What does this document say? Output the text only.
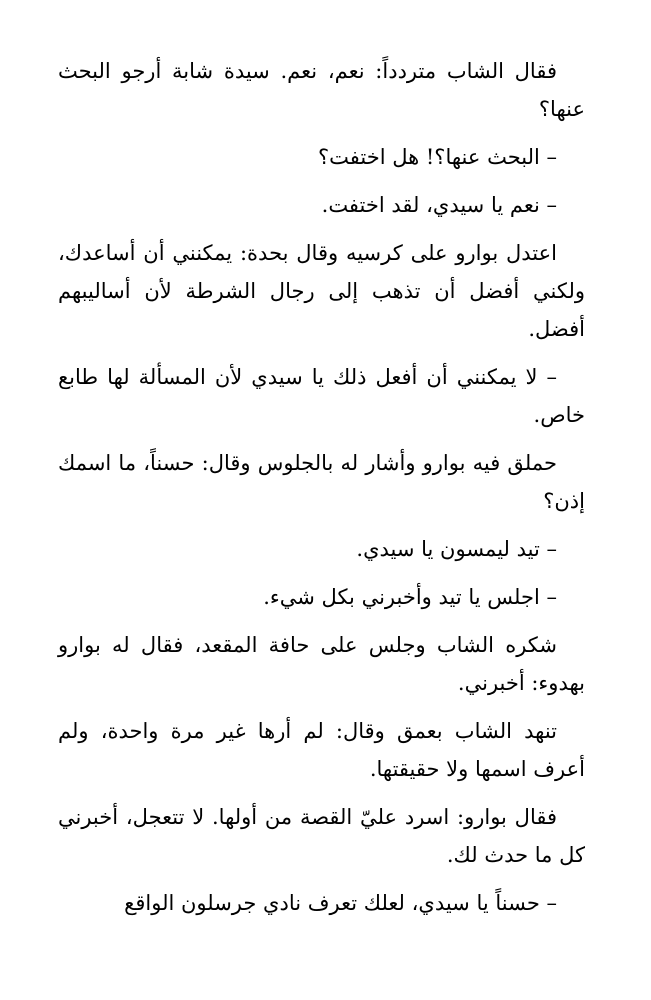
فقال الشاب متردداً: نعم، نعم. سيدة شابة أرجو البحث عنها؟

– البحث عنها؟! هل اختفت؟

– نعم يا سيدي، لقد اختفت.

اعتدل بوارو على كرسيه وقال بحدة: يمكنني أن أساعدك، ولكني أفضل أن تذهب إلى رجال الشرطة لأن أساليبهم أفضل.

– لا يمكنني أن أفعل ذلك يا سيدي لأن المسألة لها طابع خاص.

حملق فيه بوارو وأشار له بالجلوس وقال: حسناً، ما اسمك إذن؟

– تيد ليمسون يا سيدي.

– اجلس يا تيد وأخبرني بكل شيء.

شكره الشاب وجلس على حافة المقعد، فقال له بوارو بهدوء: أخبرني.

تنهد الشاب بعمق وقال: لم أرها غير مرة واحدة، ولم أعرف اسمها ولا حقيقتها.

فقال بوارو: اسرد عليّ القصة من أولها. لا تتعجل، أخبرني كل ما حدث لك.

– حسناً يا سيدي، لعلك تعرف نادي جرسلون الواقع
